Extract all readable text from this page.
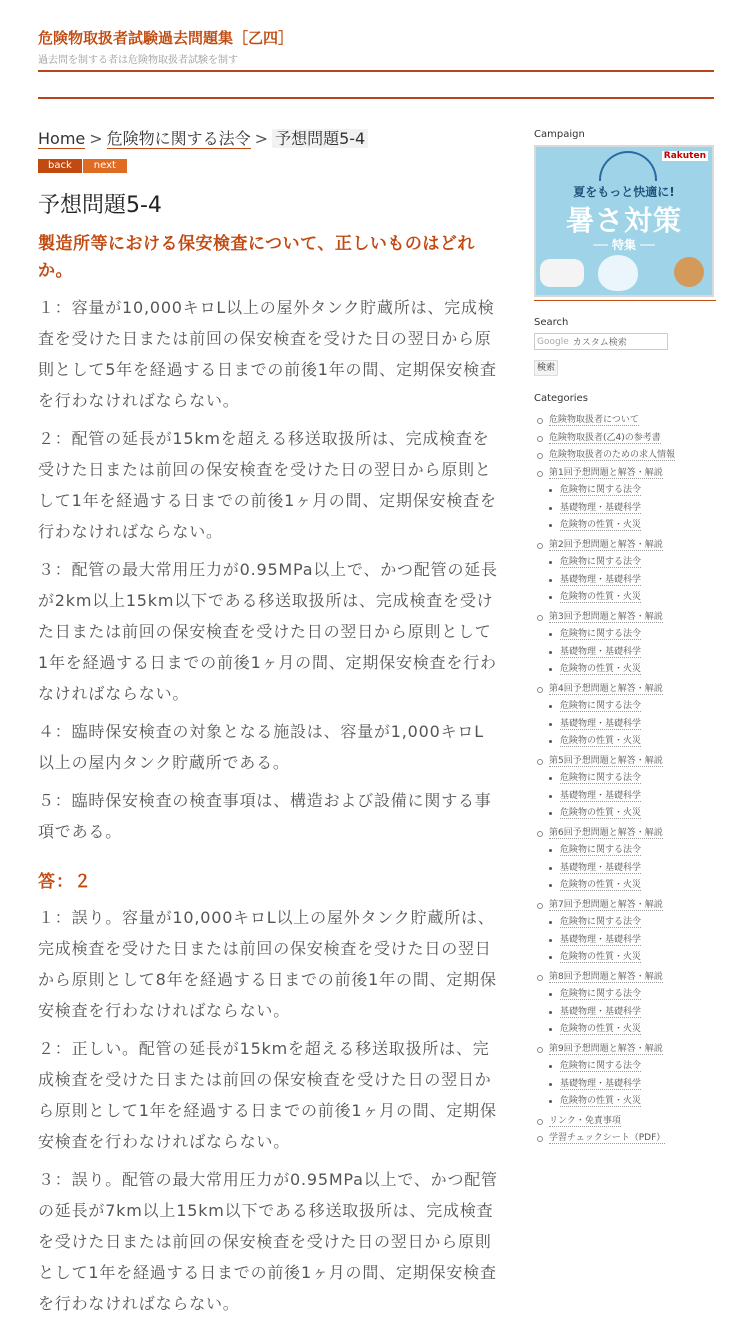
危険物取扱者試験過去問題集［乙四］
過去問を制する者は危険物取扱者試験を制す
Home > 危険物に関する法令 > 予想問題5-4
back	next
予想問題5-4
製造所等における保安検査について、正しいものはどれか。
１：容量が10,000キロL以上の屋外タンク貯蔵所は、完成検査を受けた日または前回の保安検査を受けた日の翌日から原則として5年を経過する日までの前後1年の間、定期保安検査を行わなければならない。
２：配管の延長が15kmを超える移送取扱所は、完成検査を受けた日または前回の保安検査を受けた日の翌日から原則として1年を経過する日までの前後1ヶ月の間、定期保安検査を行わなければならない。
３：配管の最大常用圧力が0.95MPa以上で、かつ配管の延長が2km以上15km以下である移送取扱所は、完成検査を受けた日または前回の保安検査を受けた日の翌日から原則として1年を経過する日までの前後1ヶ月の間、定期保安検査を行わなければならない。
４：臨時保安検査の対象となる施設は、容量が1,000キロL以上の屋内タンク貯蔵所である。
５：臨時保安検査の検査事項は、構造および設備に関する事項である。
答：２
１：誤り。容量が10,000キロL以上の屋外タンク貯蔵所は、完成検査を受けた日または前回の保安検査を受けた日の翌日から原則として8年を経過する日までの前後1年の間、定期保安検査を行わなければならない。
２：正しい。配管の延長が15kmを超える移送取扱所は、完成検査を受けた日または前回の保安検査を受けた日の翌日から原則として1年を経過する日までの前後1ヶ月の間、定期保安検査を行わなければならない。
３：誤り。配管の最大常用圧力が0.95MPa以上で、かつ配管の延長が7km以上15km以下である移送取扱所は、完成検査を受けた日または前回の保安検査を受けた日の翌日から原則として1年を経過する日までの前後1ヶ月の間、定期保安検査を行わなければならない。
Campaign
Rakuten
夏をもっと快適に!
暑さ対策
── 特集 ──
Search
Google カスタム検索
検索
Categories
危険物取扱者について
危険物取扱者(乙4)の参考書
危険物取扱者のための求人情報
第1回予想問題と解答・解説
危険物に関する法令
基礎物理・基礎科学
危険物の性質・火災
第2回予想問題と解答・解説
危険物に関する法令
基礎物理・基礎科学
危険物の性質・火災
第3回予想問題と解答・解説
危険物に関する法令
基礎物理・基礎科学
危険物の性質・火災
第4回予想問題と解答・解説
危険物に関する法令
基礎物理・基礎科学
危険物の性質・火災
第5回予想問題と解答・解説
危険物に関する法令
基礎物理・基礎科学
危険物の性質・火災
第6回予想問題と解答・解説
危険物に関する法令
基礎物理・基礎科学
危険物の性質・火災
第7回予想問題と解答・解説
危険物に関する法令
基礎物理・基礎科学
危険物の性質・火災
第8回予想問題と解答・解説
危険物に関する法令
基礎物理・基礎科学
危険物の性質・火災
第9回予想問題と解答・解説
危険物に関する法令
基礎物理・基礎科学
危険物の性質・火災
リンク・免責事項
学習チェックシート（PDF）
